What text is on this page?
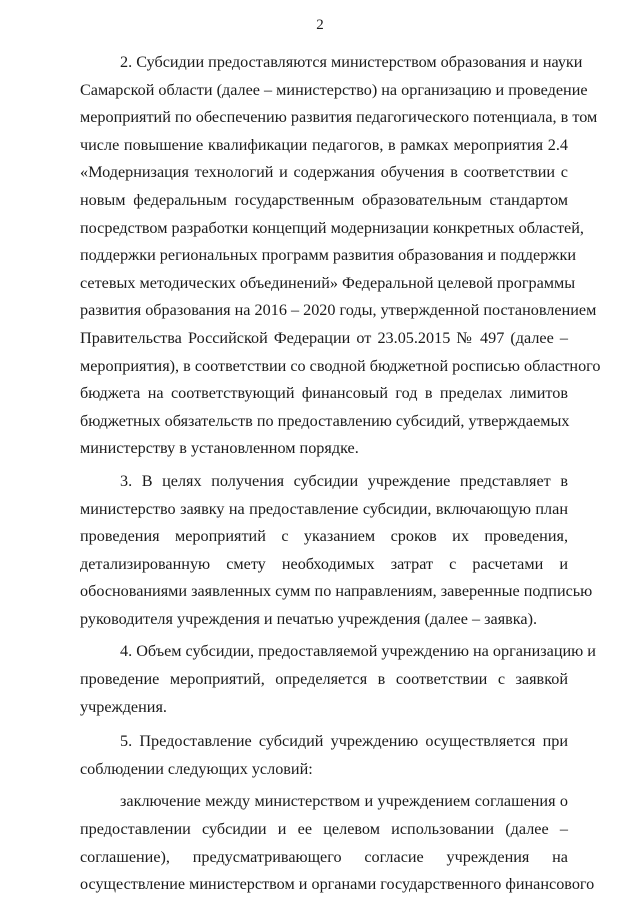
2

2. Субсидии предоставляются министерством образования и науки

Самарской области (далее – министерство) на организацию и проведение

мероприятий по обеспечению развития педагогического потенциала, в том

числе повышение квалификации педагогов, в рамках мероприятия 2.4

«Модернизация технологий и содержания обучения в соответствии с

новым федеральным государственным образовательным стандартом

посредством разработки концепций модернизации конкретных областей,

поддержки региональных программ развития образования и поддержки

сетевых методических объединений» Федеральной целевой программы

развития образования на 2016 – 2020 годы, утвержденной постановлением

Правительства Российской Федерации от 23.05.2015 № 497 (далее –

мероприятия), в соответствии со сводной бюджетной росписью областного

бюджета на соответствующий финансовый год в пределах лимитов

бюджетных обязательств по предоставлению субсидий, утверждаемых

министерству в установленном порядке.

3. В целях получения субсидии учреждение представляет в

министерство заявку на предоставление субсидии, включающую план

проведения мероприятий с указанием сроков их проведения,

детализированную смету необходимых затрат с расчетами и

обоснованиями заявленных сумм по направлениям, заверенные подписью

руководителя учреждения и печатью учреждения (далее – заявка).

4. Объем субсидии, предоставляемой учреждению на организацию и

проведение мероприятий, определяется в соответствии с заявкой

учреждения.

5. Предоставление субсидий учреждению осуществляется при

соблюдении следующих условий:

заключение между министерством и учреждением соглашения о

предоставлении субсидии и ее целевом использовании (далее –

соглашение), предусматривающего согласие учреждения на

осуществление министерством и органами государственного финансового
